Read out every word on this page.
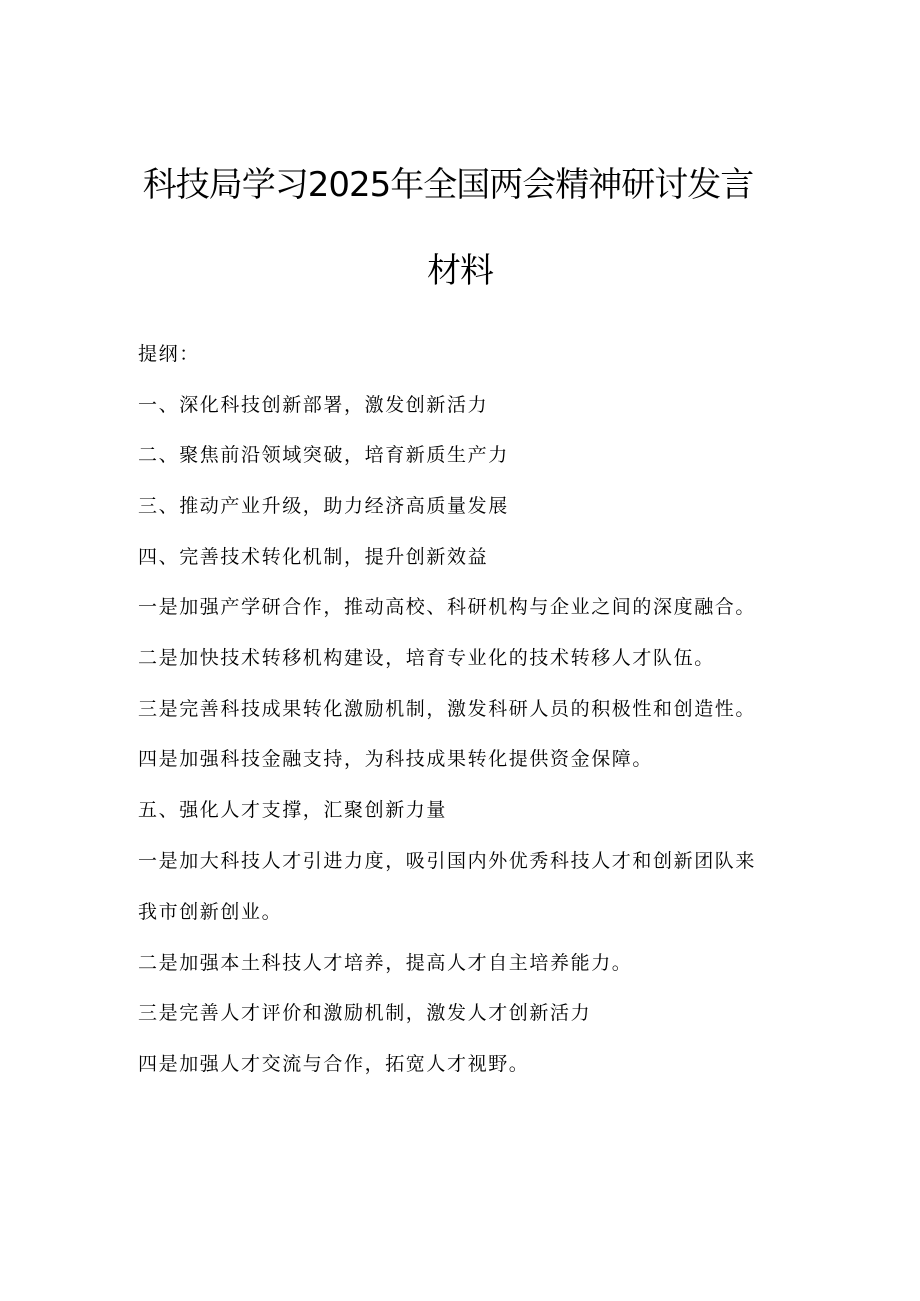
科技局学习2025年全国两会精神研讨发言
材料

提纲：

一、深化科技创新部署，激发创新活力

二、聚焦前沿领域突破，培育新质生产力

三、推动产业升级，助力经济高质量发展

四、完善技术转化机制，提升创新效益

一是加强产学研合作，推动高校、科研机构与企业之间的深度融合。

二是加快技术转移机构建设，培育专业化的技术转移人才队伍。

三是完善科技成果转化激励机制，激发科研人员的积极性和创造性。

四是加强科技金融支持，为科技成果转化提供资金保障。

五、强化人才支撑，汇聚创新力量

一是加大科技人才引进力度，吸引国内外优秀科技人才和创新团队来

我市创新创业。

二是加强本土科技人才培养，提高人才自主培养能力。

三是完善人才评价和激励机制，激发人才创新活力

四是加强人才交流与合作，拓宽人才视野。
